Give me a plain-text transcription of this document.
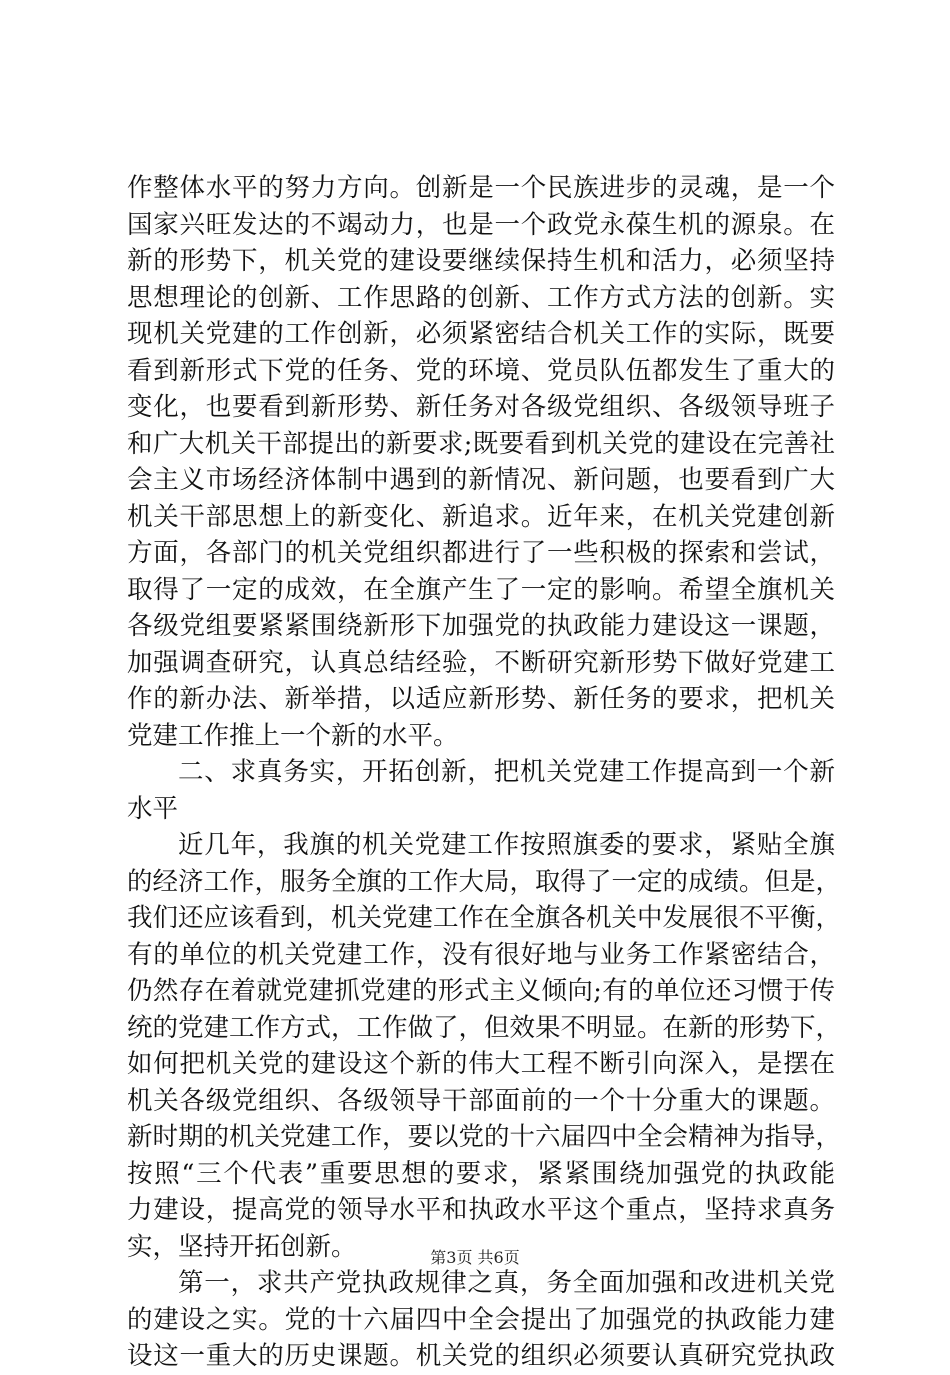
作整体水平的努力方向。创新是一个民族进步的灵魂，是一个
国家兴旺发达的不竭动力，也是一个政党永葆生机的源泉。在
新的形势下，机关党的建设要继续保持生机和活力，必须坚持
思想理论的创新、工作思路的创新、工作方式方法的创新。实
现机关党建的工作创新，必须紧密结合机关工作的实际，既要
看到新形式下党的任务、党的环境、党员队伍都发生了重大的
变化，也要看到新形势、新任务对各级党组织、各级领导班子
和广大机关干部提出的新要求;既要看到机关党的建设在完善社
会主义市场经济体制中遇到的新情况、新问题，也要看到广大
机关干部思想上的新变化、新追求。近年来，在机关党建创新
方面，各部门的机关党组织都进行了一些积极的探索和尝试，
取得了一定的成效，在全旗产生了一定的影响。希望全旗机关
各级党组要紧紧围绕新形下加强党的执政能力建设这一课题，
加强调查研究，认真总结经验，不断研究新形势下做好党建工
作的新办法、新举措，以适应新形势、新任务的要求，把机关
党建工作推上一个新的水平。
二、求真务实，开拓创新，把机关党建工作提高到一个新
水平
近几年，我旗的机关党建工作按照旗委的要求，紧贴全旗
的经济工作，服务全旗的工作大局，取得了一定的成绩。但是，
我们还应该看到，机关党建工作在全旗各机关中发展很不平衡，
有的单位的机关党建工作，没有很好地与业务工作紧密结合，
仍然存在着就党建抓党建的形式主义倾向;有的单位还习惯于传
统的党建工作方式，工作做了，但效果不明显。在新的形势下，
如何把机关党的建设这个新的伟大工程不断引向深入，是摆在
机关各级党组织、各级领导干部面前的一个十分重大的课题。
新时期的机关党建工作，要以党的十六届四中全会精神为指导，
按照“三个代表”重要思想的要求，紧紧围绕加强党的执政能
力建设，提高党的领导水平和执政水平这个重点，坚持求真务
实，坚持开拓创新。
第一，求共产党执政规律之真，务全面加强和改进机关党
的建设之实。党的十六届四中全会提出了加强党的执政能力建
设这一重大的历史课题。机关党的组织必须要认真研究党执政
第3页 共6页
